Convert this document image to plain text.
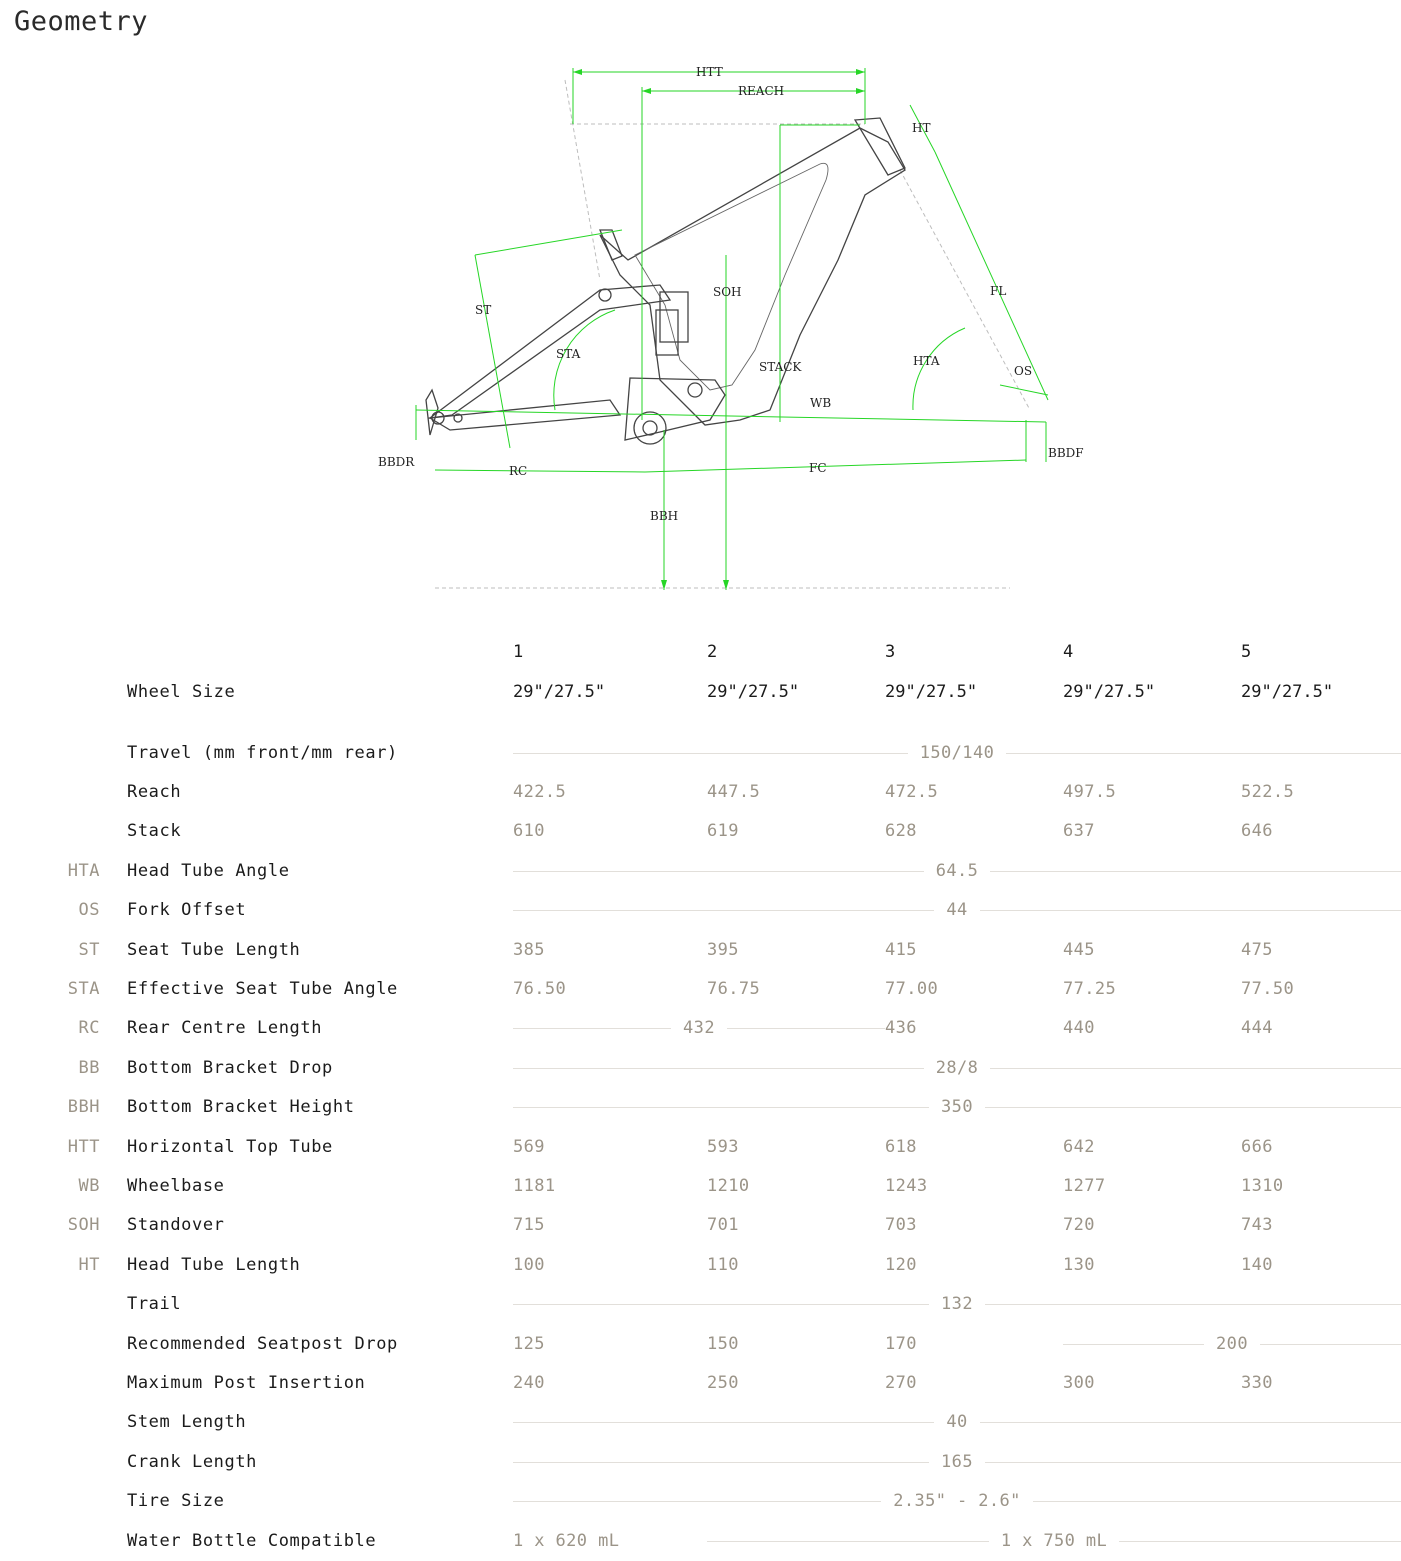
Geometry
HTT
REACH
HT
ST
SOH	FL
STA
STACK	HTA
OS
WB
BBDR
RC	FC
BBDF
BBH
			1	2	3	4	5
		Wheel Size	29"/27.5"	29"/27.5"	29"/27.5"	29"/27.5"	29"/27.5"

		Travel (mm front/mm rear)	150/140				
		Reach	422.5	447.5	472.5	497.5	522.5
		Stack	610	619	628	637	646
HTA		Head Tube Angle	64.5				
OS		Fork Offset	44				
ST		Seat Tube Length	385	395	415	445	475
STA		Effective Seat Tube Angle	76.50	76.75	77.00	77.25	77.50
RC		Rear Centre Length	432		436	440	444
BB		Bottom Bracket Drop	28/8				
BBH		Bottom Bracket Height	350				
HTT		Horizontal Top Tube	569	593	618	642	666
WB		Wheelbase	1181	1210	1243	1277	1310
SOH		Standover	715	701	703	720	743
HT		Head Tube Length	100	110	120	130	140
		Trail	132				
		Recommended Seatpost Drop	125	150	170	200	
		Maximum Post Insertion	240	250	270	300	330
		Stem Length	40				
		Crank Length	165				
		Tire Size	2.35" - 2.6"				
		Water Bottle Compatible	1 x 620 mL	1 x 750 mL			
